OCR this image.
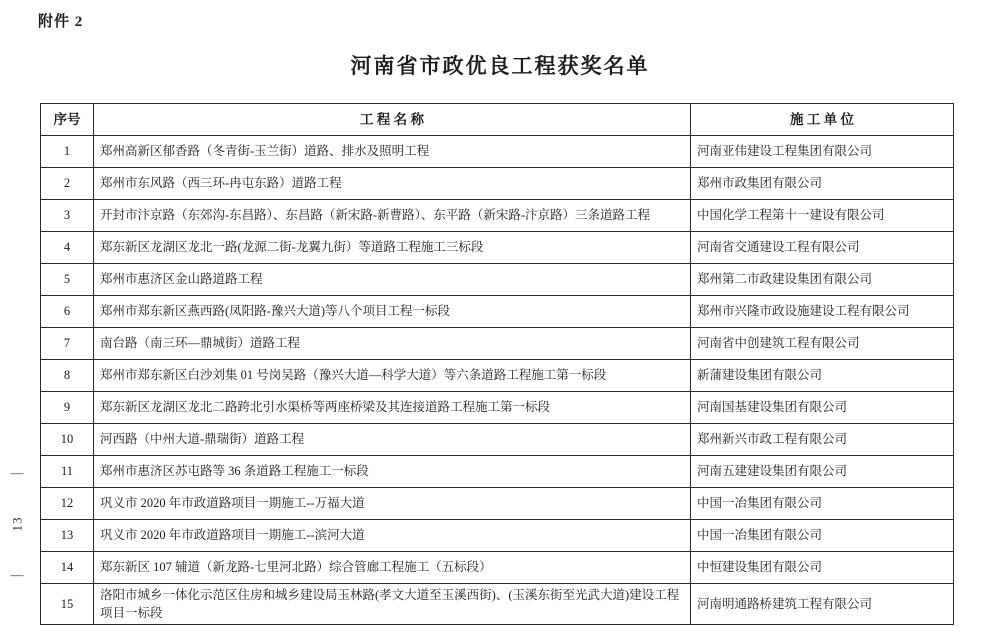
附件 2
河南省市政优良工程获奖名单
序号	工 程 名 称	施 工 单 位
1	郑州高新区郁香路（冬青街-玉兰街）道路、排水及照明工程	河南亚伟建设工程集团有限公司
2	郑州市东风路（西三环-冉屯东路）道路工程	郑州市政集团有限公司
3	开封市汴京路（东郊沟-东昌路）、东昌路（新宋路-新曹路）、东平路（新宋路-汴京路）三条道路工程	中国化学工程第十一建设有限公司
4	郑东新区龙湖区龙北一路(龙源二街-龙翼九街）等道路工程施工三标段	河南省交通建设工程有限公司
5	郑州市惠济区金山路道路工程	郑州第二市政建设集团有限公司
6	郑州市郑东新区燕西路(凤阳路-豫兴大道)等八个项目工程一标段	郑州市兴隆市政设施建设工程有限公司
7	南台路（南三环—鼎城街）道路工程	河南省中创建筑工程有限公司
8	郑州市郑东新区白沙刘集 01 号岗吴路（豫兴大道—科学大道）等六条道路工程施工第一标段	新蒲建设集团有限公司
9	郑东新区龙湖区龙北二路跨北引水渠桥等两座桥梁及其连接道路工程施工第一标段	河南国基建设集团有限公司
10	河西路（中州大道-鼎瑞街）道路工程	郑州新兴市政工程有限公司
11	郑州市惠济区苏屯路等 36 条道路工程施工一标段	河南五建建设集团有限公司
12	巩义市 2020 年市政道路项目一期施工--万福大道	中国一冶集团有限公司
13	巩义市 2020 年市政道路项目一期施工--滨河大道	中国一冶集团有限公司
14	郑东新区 107 辅道（新龙路-七里河北路）综合管廊工程施工（五标段）	中恒建设集团有限公司
15	洛阳市城乡一体化示范区住房和城乡建设局玉林路(孝文大道至玉溪西街)、(玉溪东街至光武大道)建设工程项目一标段	河南明通路桥建筑工程有限公司
—
13
—
